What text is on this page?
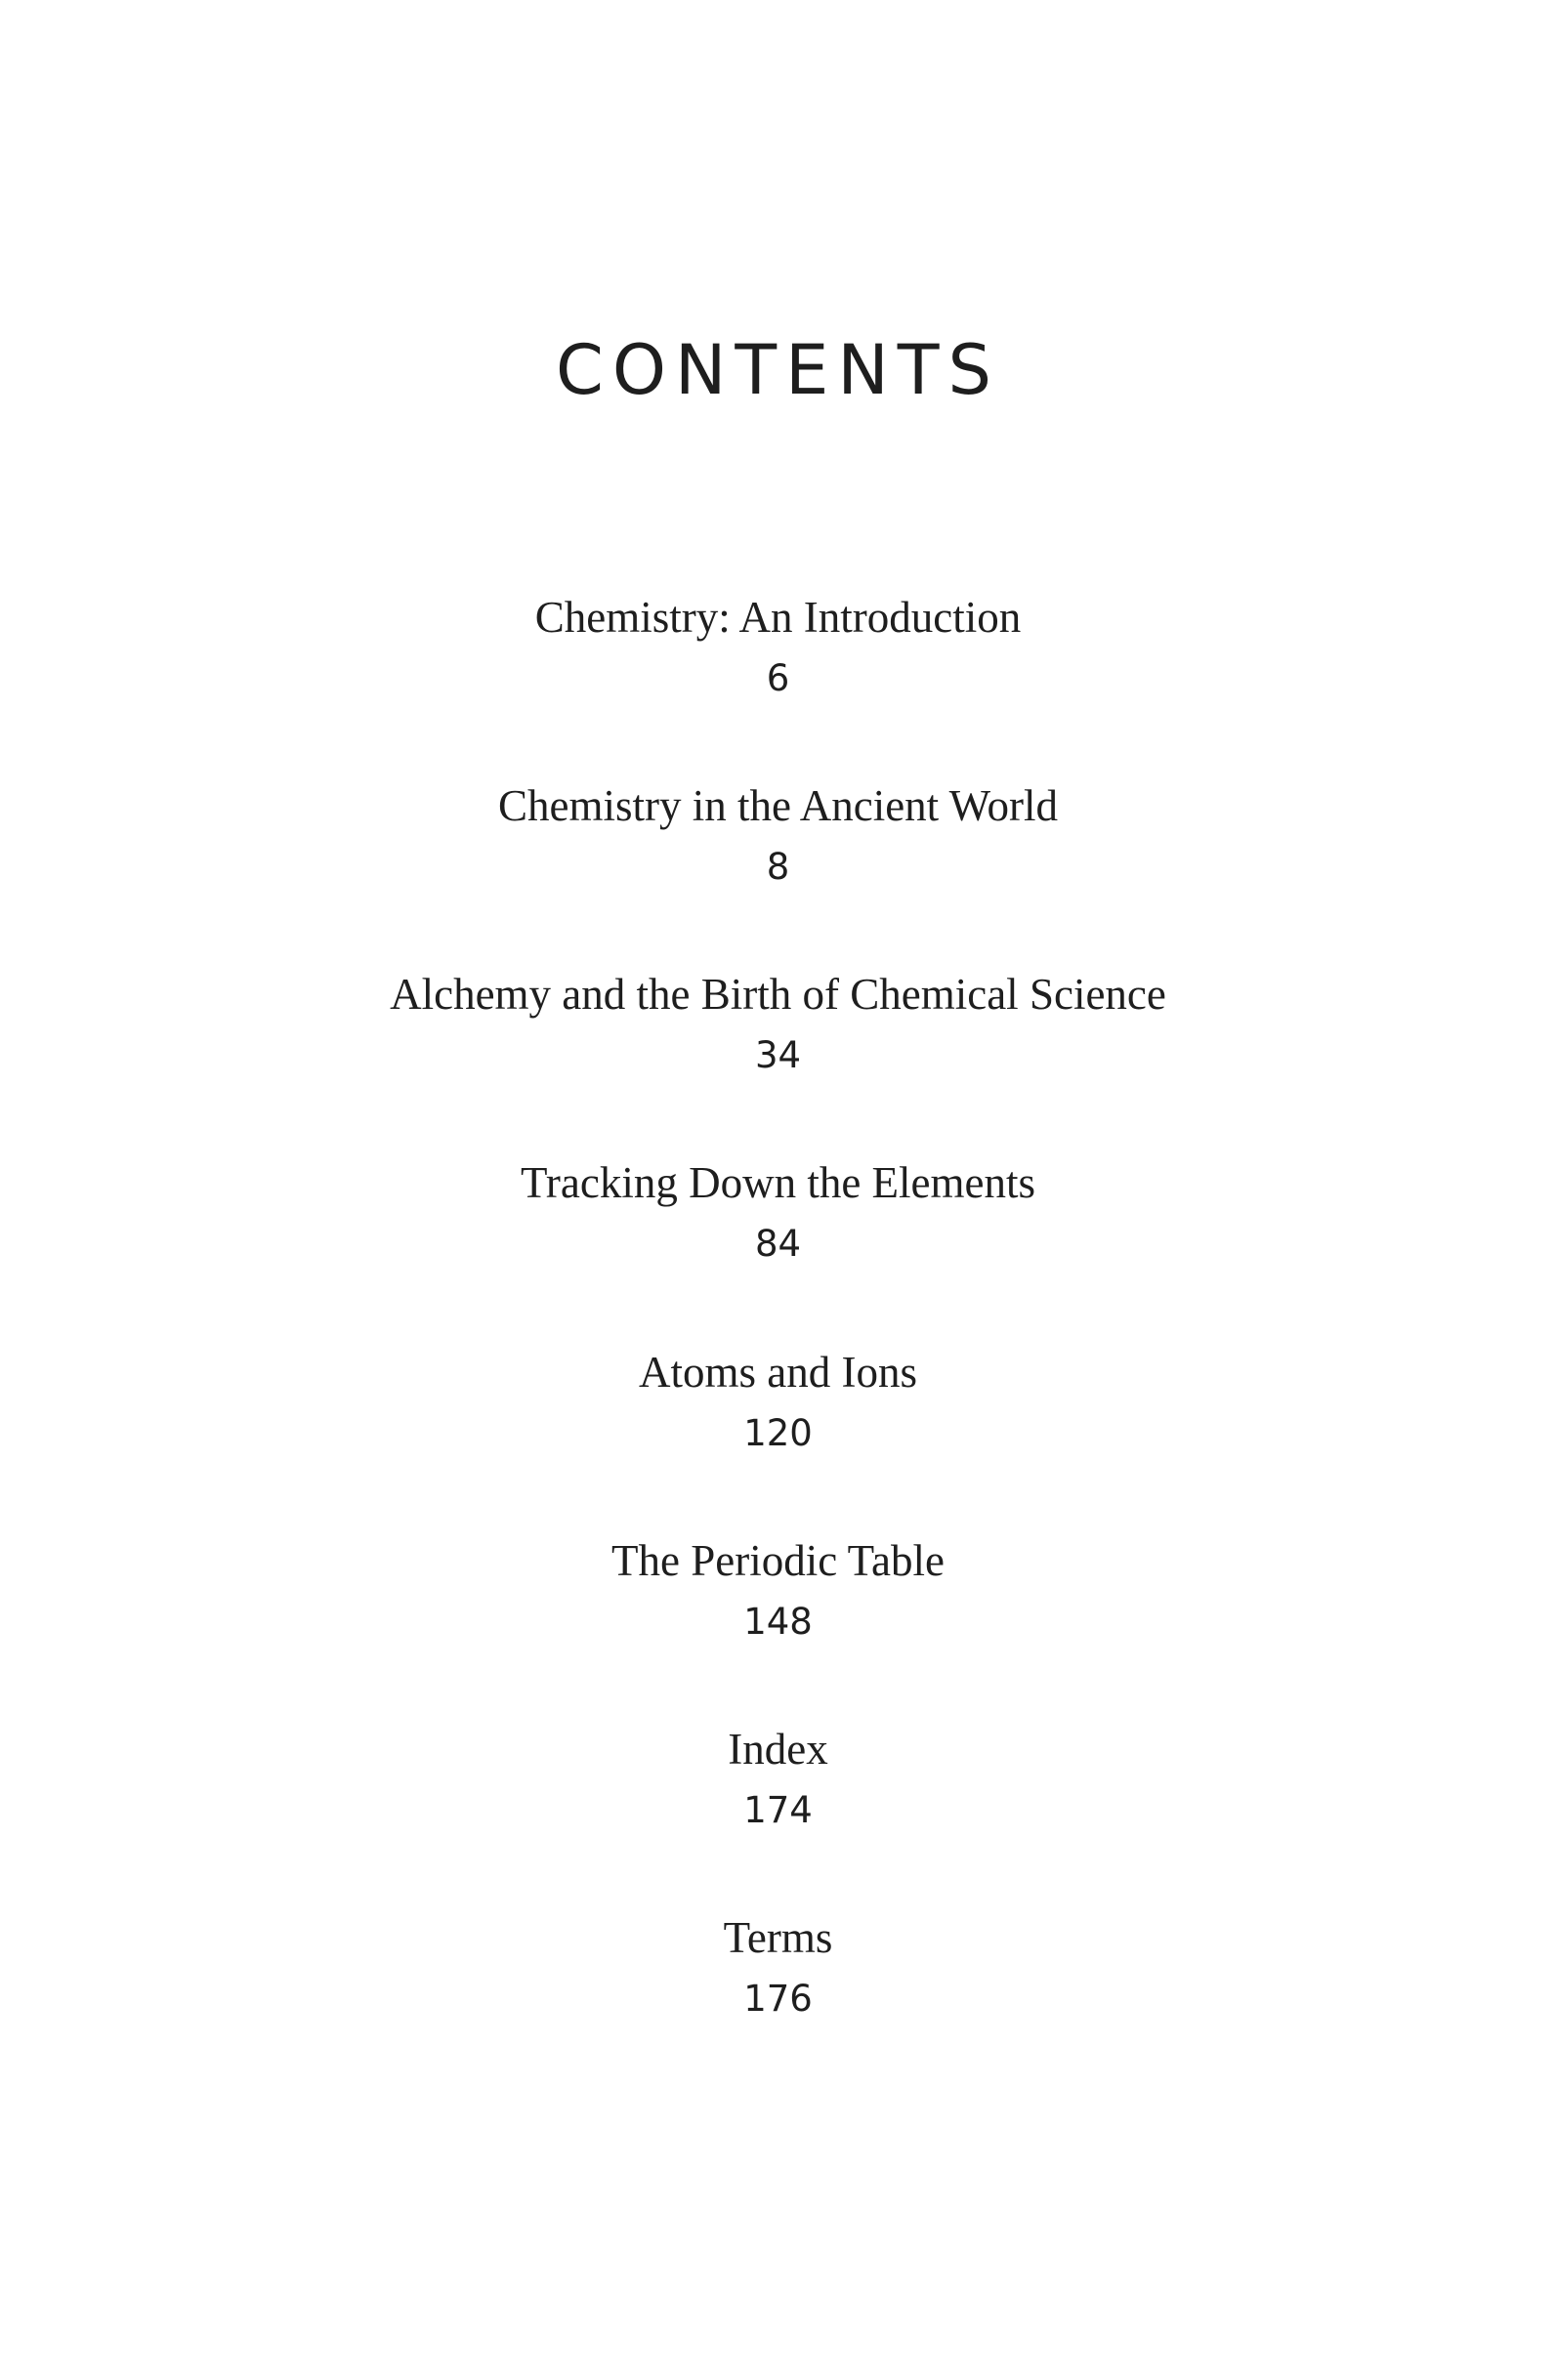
CONTENTS
Chemistry: An Introduction
6
Chemistry in the Ancient World
8
Alchemy and the Birth of Chemical Science
34
Tracking Down the Elements
84
Atoms and Ions
120
The Periodic Table
148
Index
174
Terms
176
